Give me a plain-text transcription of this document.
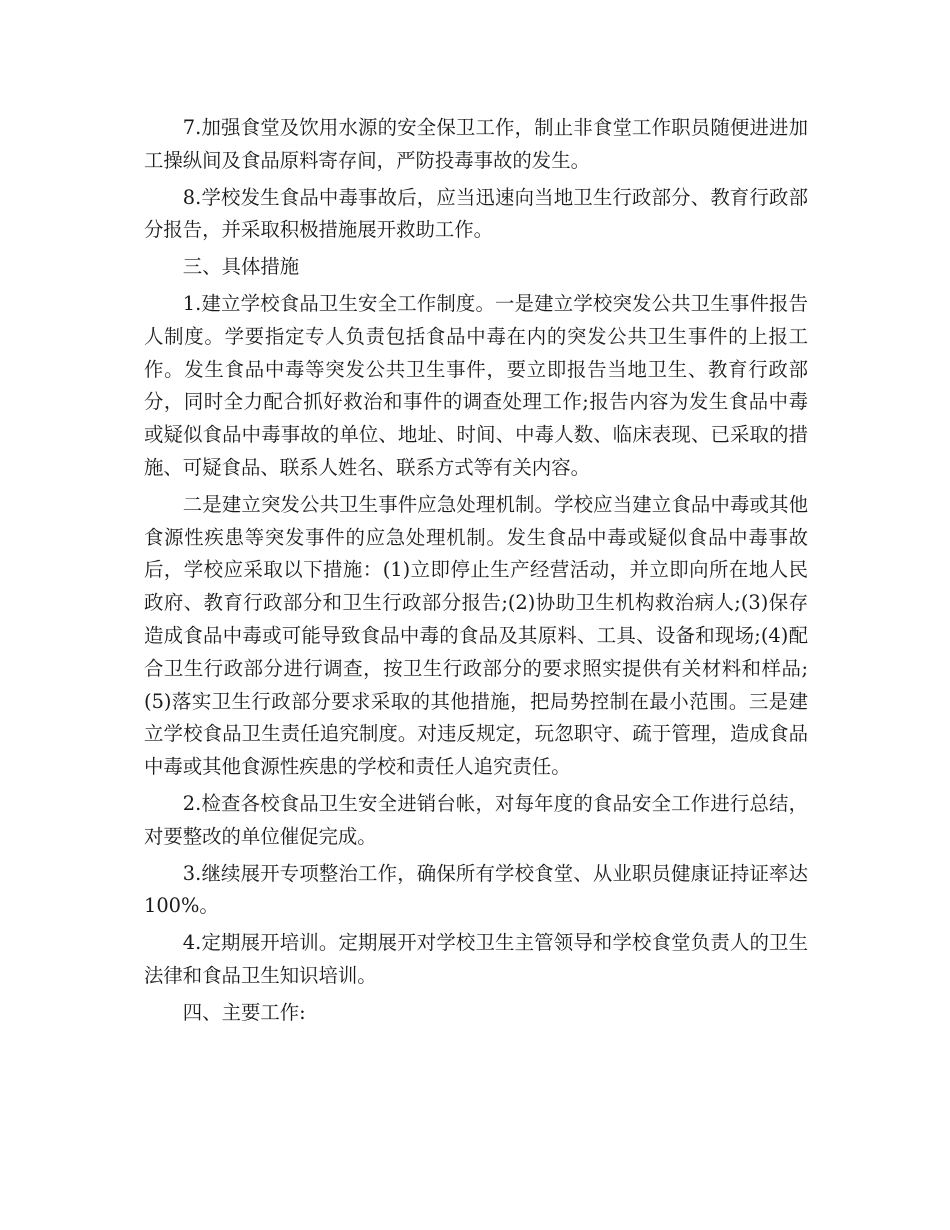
7.加强食堂及饮用水源的安全保卫工作，制止非食堂工作职员随便进进加工操纵间及食品原料寄存间，严防投毒事故的发生。

8.学校发生食品中毒事故后，应当迅速向当地卫生行政部分、教育行政部分报告，并采取积极措施展开救助工作。

三、具体措施

1.建立学校食品卫生安全工作制度。一是建立学校突发公共卫生事件报告人制度。学要指定专人负责包括食品中毒在内的突发公共卫生事件的上报工作。发生食品中毒等突发公共卫生事件，要立即报告当地卫生、教育行政部分，同时全力配合抓好救治和事件的调查处理工作;报告内容为发生食品中毒或疑似食品中毒事故的单位、地址、时间、中毒人数、临床表现、已采取的措施、可疑食品、联系人姓名、联系方式等有关内容。

二是建立突发公共卫生事件应急处理机制。学校应当建立食品中毒或其他食源性疾患等突发事件的应急处理机制。发生食品中毒或疑似食品中毒事故后，学校应采取以下措施：(1)立即停止生产经营活动，并立即向所在地人民政府、教育行政部分和卫生行政部分报告;(2)协助卫生机构救治病人;(3)保存造成食品中毒或可能导致食品中毒的食品及其原料、工具、设备和现场;(4)配合卫生行政部分进行调查，按卫生行政部分的要求照实提供有关材料和样品;(5)落实卫生行政部分要求采取的其他措施，把局势控制在最小范围。三是建立学校食品卫生责任追究制度。对违反规定，玩忽职守、疏于管理，造成食品中毒或其他食源性疾患的学校和责任人追究责任。

2.检查各校食品卫生安全进销台帐，对每年度的食品安全工作进行总结，对要整改的单位催促完成。

3.继续展开专项整治工作，确保所有学校食堂、从业职员健康证持证率达100%。

4.定期展开培训。定期展开对学校卫生主管领导和学校食堂负责人的卫生法律和食品卫生知识培训。

四、主要工作:
